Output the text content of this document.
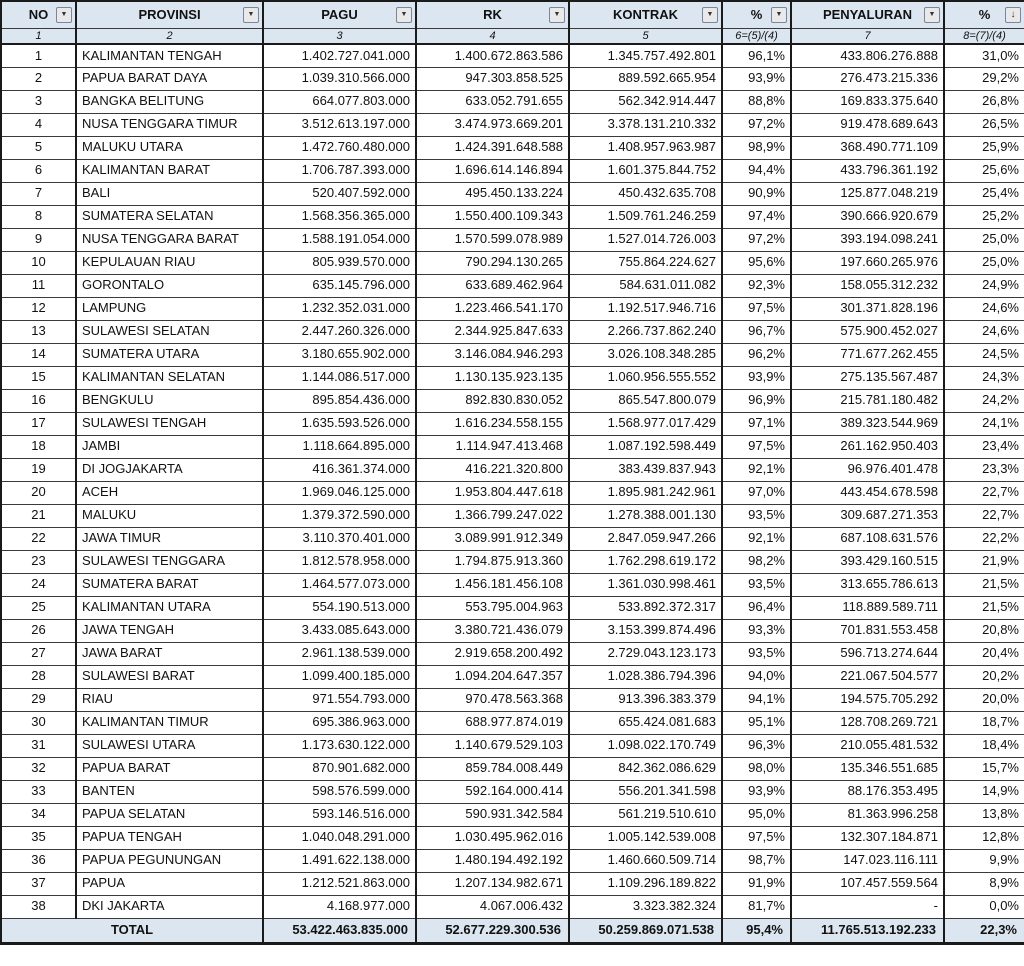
NO ▼	PROVINSI ▼	PAGU ▼	RK ▼	KONTRAK ▼	% ▼	PENYALURAN ▼	% ↓

1	2	3	4	5	6=(5)/(4)	7	8=(7)/(4)
1	KALIMANTAN TENGAH	1.402.727.041.000	1.400.672.863.586	1.345.757.492.801	96,1%	433.806.276.888	31,0%
2	PAPUA BARAT DAYA	1.039.310.566.000	947.303.858.525	889.592.665.954	93,9%	276.473.215.336	29,2%
3	BANGKA BELITUNG	664.077.803.000	633.052.791.655	562.342.914.447	88,8%	169.833.375.640	26,8%
4	NUSA TENGGARA TIMUR	3.512.613.197.000	3.474.973.669.201	3.378.131.210.332	97,2%	919.478.689.643	26,5%
5	MALUKU UTARA	1.472.760.480.000	1.424.391.648.588	1.408.957.963.987	98,9%	368.490.771.109	25,9%
6	KALIMANTAN BARAT	1.706.787.393.000	1.696.614.146.894	1.601.375.844.752	94,4%	433.796.361.192	25,6%
7	BALI	520.407.592.000	495.450.133.224	450.432.635.708	90,9%	125.877.048.219	25,4%
8	SUMATERA SELATAN	1.568.356.365.000	1.550.400.109.343	1.509.761.246.259	97,4%	390.666.920.679	25,2%
9	NUSA TENGGARA BARAT	1.588.191.054.000	1.570.599.078.989	1.527.014.726.003	97,2%	393.194.098.241	25,0%
10	KEPULAUAN RIAU	805.939.570.000	790.294.130.265	755.864.224.627	95,6%	197.660.265.976	25,0%
11	GORONTALO	635.145.796.000	633.689.462.964	584.631.011.082	92,3%	158.055.312.232	24,9%
12	LAMPUNG	1.232.352.031.000	1.223.466.541.170	1.192.517.946.716	97,5%	301.371.828.196	24,6%
13	SULAWESI SELATAN	2.447.260.326.000	2.344.925.847.633	2.266.737.862.240	96,7%	575.900.452.027	24,6%
14	SUMATERA UTARA	3.180.655.902.000	3.146.084.946.293	3.026.108.348.285	96,2%	771.677.262.455	24,5%
15	KALIMANTAN SELATAN	1.144.086.517.000	1.130.135.923.135	1.060.956.555.552	93,9%	275.135.567.487	24,3%
16	BENGKULU	895.854.436.000	892.830.830.052	865.547.800.079	96,9%	215.781.180.482	24,2%
17	SULAWESI TENGAH	1.635.593.526.000	1.616.234.558.155	1.568.977.017.429	97,1%	389.323.544.969	24,1%
18	JAMBI	1.118.664.895.000	1.114.947.413.468	1.087.192.598.449	97,5%	261.162.950.403	23,4%
19	DI JOGJAKARTA	416.361.374.000	416.221.320.800	383.439.837.943	92,1%	96.976.401.478	23,3%
20	ACEH	1.969.046.125.000	1.953.804.447.618	1.895.981.242.961	97,0%	443.454.678.598	22,7%
21	MALUKU	1.379.372.590.000	1.366.799.247.022	1.278.388.001.130	93,5%	309.687.271.353	22,7%
22	JAWA TIMUR	3.110.370.401.000	3.089.991.912.349	2.847.059.947.266	92,1%	687.108.631.576	22,2%
23	SULAWESI TENGGARA	1.812.578.958.000	1.794.875.913.360	1.762.298.619.172	98,2%	393.429.160.515	21,9%
24	SUMATERA BARAT	1.464.577.073.000	1.456.181.456.108	1.361.030.998.461	93,5%	313.655.786.613	21,5%
25	KALIMANTAN UTARA	554.190.513.000	553.795.004.963	533.892.372.317	96,4%	118.889.589.711	21,5%
26	JAWA TENGAH	3.433.085.643.000	3.380.721.436.079	3.153.399.874.496	93,3%	701.831.553.458	20,8%
27	JAWA BARAT	2.961.138.539.000	2.919.658.200.492	2.729.043.123.173	93,5%	596.713.274.644	20,4%
28	SULAWESI BARAT	1.099.400.185.000	1.094.204.647.357	1.028.386.794.396	94,0%	221.067.504.577	20,2%
29	RIAU	971.554.793.000	970.478.563.368	913.396.383.379	94,1%	194.575.705.292	20,0%
30	KALIMANTAN TIMUR	695.386.963.000	688.977.874.019	655.424.081.683	95,1%	128.708.269.721	18,7%
31	SULAWESI UTARA	1.173.630.122.000	1.140.679.529.103	1.098.022.170.749	96,3%	210.055.481.532	18,4%
32	PAPUA BARAT	870.901.682.000	859.784.008.449	842.362.086.629	98,0%	135.346.551.685	15,7%
33	BANTEN	598.576.599.000	592.164.000.414	556.201.341.598	93,9%	88.176.353.495	14,9%
34	PAPUA SELATAN	593.146.516.000	590.931.342.584	561.219.510.610	95,0%	81.363.996.258	13,8%
35	PAPUA TENGAH	1.040.048.291.000	1.030.495.962.016	1.005.142.539.008	97,5%	132.307.184.871	12,8%
36	PAPUA PEGUNUNGAN	1.491.622.138.000	1.480.194.492.192	1.460.660.509.714	98,7%	147.023.116.111	9,9%
37	PAPUA	1.212.521.863.000	1.207.134.982.671	1.109.296.189.822	91,9%	107.457.559.564	8,9%
38	DKI JAKARTA	4.168.977.000	4.067.006.432	3.323.382.324	81,7%	-	0,0%
TOTAL		53.422.463.835.000	52.677.229.300.536	50.259.869.071.538	95,4%	11.765.513.192.233	22,3%
